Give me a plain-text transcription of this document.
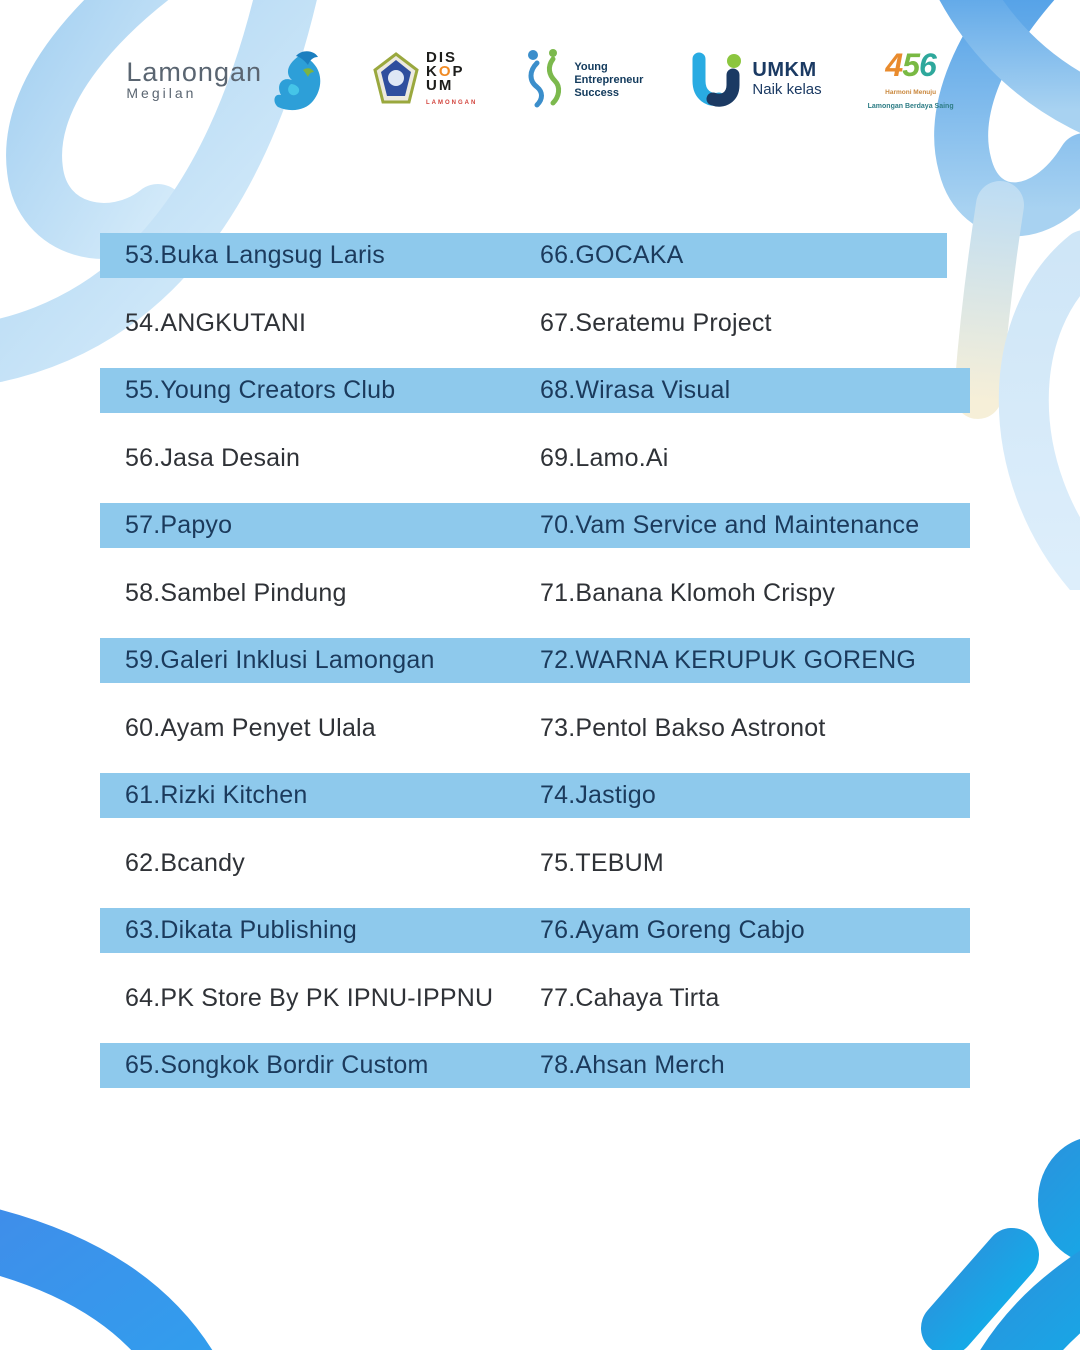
Lamongan
Megilan
DIS
KOP
UM
LAMONGAN
Young
Entrepreneur
Success
UMKM
Naik kelas
456
Harmoni Menuju
Lamongan Berdaya Saing
53.Buka Langsug Laris	66.GOCAKA
54.ANGKUTANI	67.Seratemu Project
55.Young Creators Club	68.Wirasa Visual
56.Jasa Desain	69.Lamo.Ai
57.Papyo	70.Vam Service and Maintenance
58.Sambel Pindung	71.Banana Klomoh Crispy
59.Galeri Inklusi Lamongan	72.WARNA KERUPUK GORENG
60.Ayam Penyet Ulala	73.Pentol Bakso Astronot
61.Rizki Kitchen	74.Jastigo
62.Bcandy	75.TEBUM
63.Dikata Publishing	76.Ayam Goreng Cabjo
64.PK Store By PK IPNU-IPPNU	77.Cahaya Tirta
65.Songkok Bordir Custom	78.Ahsan Merch
